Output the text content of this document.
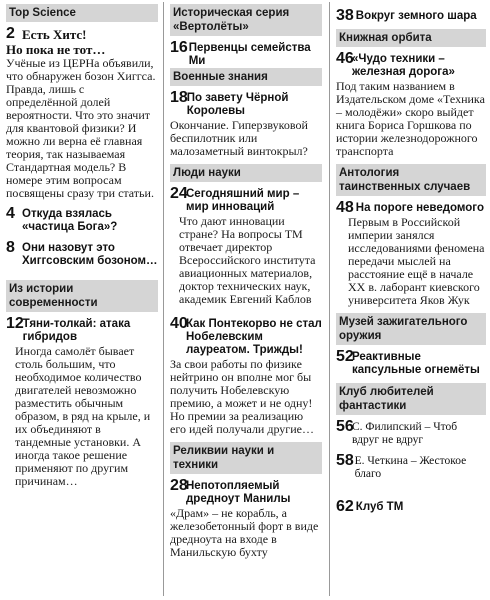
Top Science
2 Есть Хитс!
Но пока не тот…
Учёные из ЦЕРНа объявили, что обнаружен бозон Хиггса. Правда, лишь с определённой долей вероятности. Что это значит для квантовой физики? И можно ли верна её главная теория, так называемая Стандартная модель? В номере этим вопросам посвящены сразу три статьи.
4 Откуда взялась «частица Бога»?
8 Они назовут это Хиггсовским бозоном…
Из истории современности
12
Тяни-толкай: атака гибридов
Иногда самолёт бывает столь большим, что необходимое количество двигателей невозможно разместить обычным образом, в ряд на крыле, и их объединяют в тандемные установки. А иногда такое решение применяют по другим причинам…
Историческая серия «Вертолёты»
16 Первенцы семейства Ми
Военные знания
18
По завету Чёрной Королевы
Окончание. Гиперзвуковой беспилотник или малозаметный винтокрыл?
Люди науки
24
Сегодняшний мир – мир инноваций
Что дают инновации стране? На вопросы ТМ отвечает директор Всероссийского института авиационных материалов, доктор технических наук, академик Евгений Каблов
40
Как Понтекорво не стал Нобелевским лауреатом. Трижды!
За свои работы по физике нейтрино он вполне мог бы получить Нобелевскую премию, а может и не одну! Но премии за реализацию его идей получали другие…
Реликвии науки и техники
28
Непотопляемый дредноут Манилы
«Драм» – не корабль, а железобетонный форт в виде дредноута на входе в Манильскую бухту
38 Вокруг земного шара
Книжная орбита
46
«Чудо техники – железная дорога»
Под таким названием в Издательском доме «Техника – молодёжи» скоро выйдет книга Бориса Горшкова по истории железнодорожного транспорта
Антология таинственных случаев
48 На пороге неведомого
Первым в Российской империи занялся исследованиями феномена передачи мыслей на расстояние ещё в начале XX в. лаборант киевского университета Яков Жук
Музей зажигательного оружия
52
Реактивные капсульные огнемёты
Клуб любителей фантастики
56
С. Филипский – Чтоб вдруг не вдруг
58 Е. Четкина – Жестокое благо
62 Клуб ТМ
